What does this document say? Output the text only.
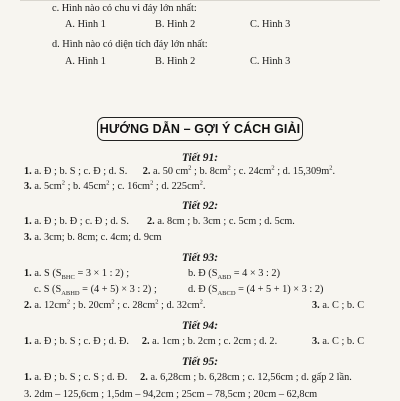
c. Hình nào có chu vi đáy lớn nhất:
A. Hình 1	B. Hình 2	C. Hình 3
d. Hình nào có diện tích đáy lớn nhất:
A. Hình 1	B. Hình 2	C. Hình 3
HƯỚNG DẪN – GỢI Ý CÁCH GIẢI
Tiết 91:
1. a. Đ ; b. S ; c. Đ ; d. S. 2. a. 50 $cm^2$ ; b. $8cm^2$ ; c. $24cm^2$ ; d. $15,309m^2$.
3. a. $5cm^2$ ; b. $45cm^2$ ; c. $16cm^2$ ; d. $225cm^2$.
Tiết 92:
1. a. Đ ; b. Đ ; c. Đ ; d. S. 2. a. 8cm ; b. 3cm ; c. 5cm ; d. 5cm.
3. a. 3cm; b. 8cm; c. 4cm; d. 9cm
Tiết 93:
1. a. S ($S_{BHC} = 3 \times 1$ : 2) ;	b. Đ ($S_{ABD} = 4 \times 3$ : 2)
c. S ($S_{ABHD} = (4 + 5) \times 3$ : 2) ;	d. Đ ($S_{ABCD} = (4 + 5 + 1) \times 3$ : 2)
2. a. $12cm^2$ ; b. $20cm^2$ ; c. $28cm^2$ ; d. $32cm^2$.	3. a. C ; b. C
Tiết 94:
1. a. Đ ; b. S ; c. Đ ; d. Đ. 2. a. 1cm ; b. 2cm ; c. 2cm ; d. 2.	3. a. C ; b. C
Tiết 95:
1. a. Đ ; b. S ; c. S ; d. Đ. 2. a. 6,28cm ; b. 6,28cm ; c. 12,56cm ; d. gấp 2 lần.
3. 2dm – 125,6cm ; 1,5dm – 94,2cm ; 25cm – 78,5cm ; 20cm – 62,8cm
